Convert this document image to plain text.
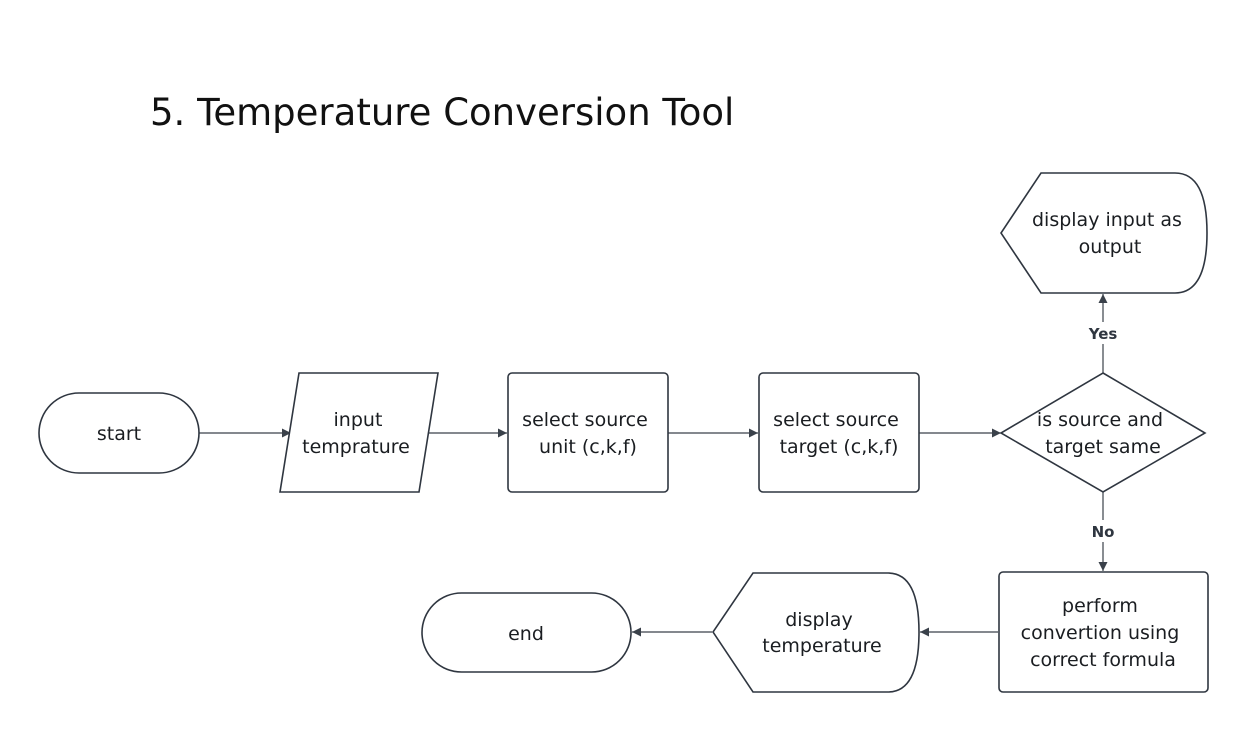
5. Temperature Conversion Tool
Yes
No
start
input temprature
select source unit (c,k,f)
select source target (c,k,f)
is source and target same
display input as output
perform convertion using correct formula
display temperature
end
